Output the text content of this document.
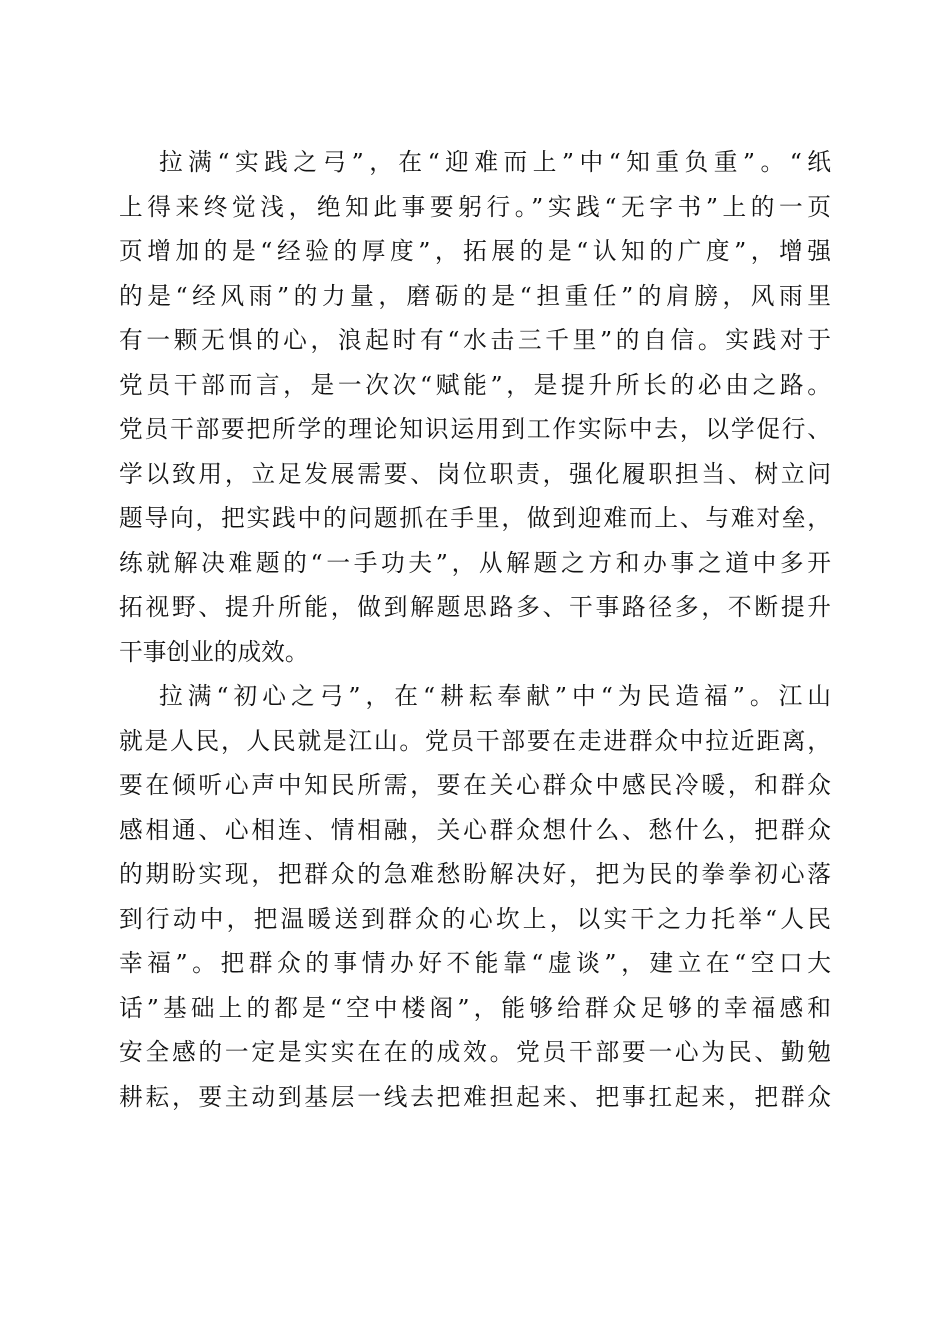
拉满“实践之弓”，在“迎难而上”中“知重负重”。“纸
上得来终觉浅，绝知此事要躬行。”实践“无字书”上的一页
页增加的是“经验的厚度”，拓展的是“认知的广度”，增强
的是“经风雨”的力量，磨砺的是“担重任”的肩膀，风雨里
有一颗无惧的心，浪起时有“水击三千里”的自信。实践对于
党员干部而言，是一次次“赋能”，是提升所长的必由之路。
党员干部要把所学的理论知识运用到工作实际中去，以学促行、
学以致用，立足发展需要、岗位职责，强化履职担当、树立问
题导向，把实践中的问题抓在手里，做到迎难而上、与难对垒，
练就解决难题的“一手功夫”，从解题之方和办事之道中多开
拓视野、提升所能，做到解题思路多、干事路径多，不断提升
干事创业的成效。
拉满“初心之弓”，在“耕耘奉献”中“为民造福”。江山
就是人民，人民就是江山。党员干部要在走进群众中拉近距离，
要在倾听心声中知民所需，要在关心群众中感民冷暖，和群众
感相通、心相连、情相融，关心群众想什么、愁什么，把群众
的期盼实现，把群众的急难愁盼解决好，把为民的拳拳初心落
到行动中，把温暖送到群众的心坎上，以实干之力托举“人民
幸福”。把群众的事情办好不能靠“虚谈”，建立在“空口大
话”基础上的都是“空中楼阁”，能够给群众足够的幸福感和
安全感的一定是实实在在的成效。党员干部要一心为民、勤勉
耕耘，要主动到基层一线去把难担起来、把事扛起来，把群众
